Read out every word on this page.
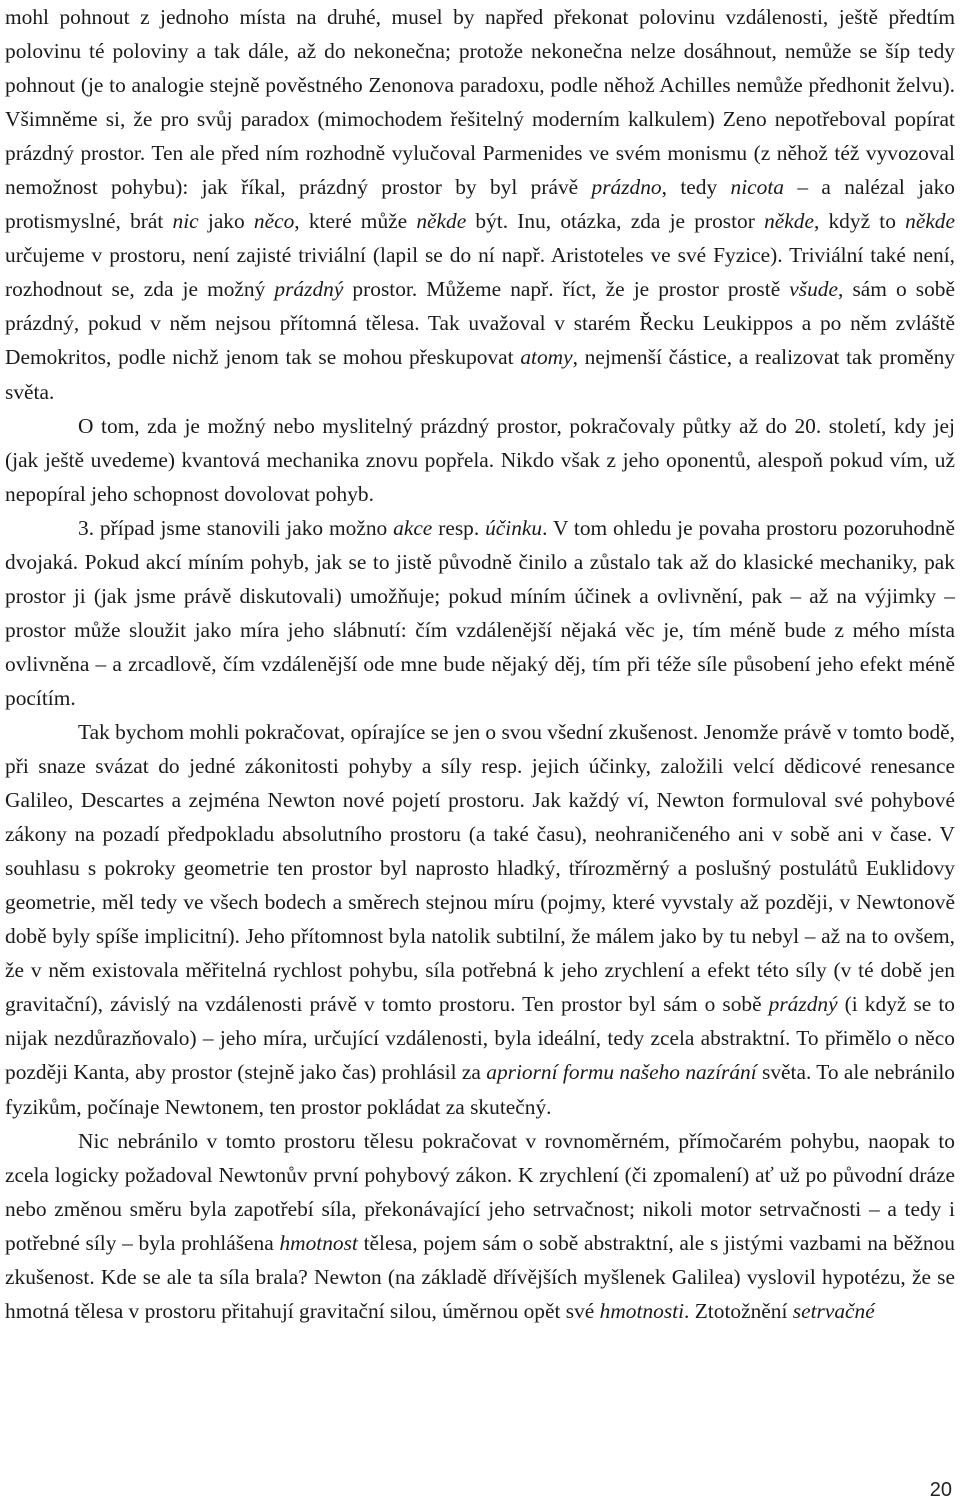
mohl pohnout z jednoho místa na druhé, musel by napřed překonat polovinu vzdálenosti, ještě předtím polovinu té poloviny a tak dále, až do nekonečna; protože nekonečna nelze dosáhnout, nemůže se šíp tedy pohnout (je to analogie stejně pověstného Zenonova paradoxu, podle něhož Achilles nemůže předhonit želvu). Všimněme si, že pro svůj paradox (mimochodem řešitelný moderním kalkulem) Zeno nepotřeboval popírat prázdný prostor. Ten ale před ním rozhodně vylučoval Parmenides ve svém monismu (z něhož též vyvozoval nemožnost pohybu): jak říkal, prázdný prostor by byl právě prázdno, tedy nicota – a nalézal jako protismyslné, brát nic jako něco, které může někde být. Inu, otázka, zda je prostor někde, když to někde určujeme v prostoru, není zajisté triviální (lapil se do ní např. Aristoteles ve své Fyzice). Triviální také není, rozhodnout se, zda je možný prázdný prostor. Můžeme např. říct, že je prostor prostě všude, sám o sobě prázdný, pokud v něm nejsou přítomná tělesa. Tak uvažoval v starém Řecku Leukippos a po něm zvláště Demokritos, podle nichž jenom tak se mohou přeskupovat atomy, nejmenší částice, a realizovat tak proměny světa.

O tom, zda je možný nebo myslitelný prázdný prostor, pokračovaly půtky až do 20. století, kdy jej (jak ještě uvedeme) kvantová mechanika znovu popřela. Nikdo však z jeho oponentů, alespoň pokud vím, už nepopíral jeho schopnost dovolovat pohyb.

3. případ jsme stanovili jako možno akce resp. účinku. V tom ohledu je povaha prostoru pozoruhodně dvojaká. Pokud akcí míním pohyb, jak se to jistě původně činilo a zůstalo tak až do klasické mechaniky, pak prostor ji (jak jsme právě diskutovali) umožňuje; pokud míním účinek a ovlivnění, pak – až na výjimky – prostor může sloužit jako míra jeho slábnutí: čím vzdálenější nějaká věc je, tím méně bude z mého místa ovlivněna – a zrcadlově, čím vzdálenější ode mne bude nějaký děj, tím při téže síle působení jeho efekt méně pocítím.

Tak bychom mohli pokračovat, opírajíce se jen o svou všední zkušenost. Jenomže právě v tomto bodě, při snaze svázat do jedné zákonitosti pohyby a síly resp. jejich účinky, založili velcí dědicové renesance Galileo, Descartes a zejména Newton nové pojetí prostoru. Jak každý ví, Newton formuloval své pohybové zákony na pozadí předpokladu absolutního prostoru (a také času), neohraničeného ani v sobě ani v čase. V souhlasu s pokroky geometrie ten prostor byl naprosto hladký, třírozměrný a poslušný postulátů Euklidovy geometrie, měl tedy ve všech bodech a směrech stejnou míru (pojmy, které vyvstaly až později, v Newtonově době byly spíše implicitní). Jeho přítomnost byla natolik subtilní, že málem jako by tu nebyl – až na to ovšem, že v něm existovala měřitelná rychlost pohybu, síla potřebná k jeho zrychlení a efekt této síly (v té době jen gravitační), závislý na vzdálenosti právě v tomto prostoru. Ten prostor byl sám o sobě prázdný (i když se to nijak nezdůrazňovalo) – jeho míra, určující vzdálenosti, byla ideální, tedy zcela abstraktní. To přimělo o něco později Kanta, aby prostor (stejně jako čas) prohlásil za apriorní formu našeho nazírání světa. To ale nebránilo fyzikům, počínaje Newtonem, ten prostor pokládat za skutečný.

Nic nebránilo v tomto prostoru tělesu pokračovat v rovnoměrném, přímočarém pohybu, naopak to zcela logicky požadoval Newtonův první pohybový zákon. K zrychlení (či zpomalení) ať už po původní dráze nebo změnou směru byla zapotřebí síla, překonávající jeho setrvačnost; nikoli motor setrvačnosti – a tedy i potřebné síly – byla prohlášena hmotnost tělesa, pojem sám o sobě abstraktní, ale s jistými vazbami na běžnou zkušenost. Kde se ale ta síla brala? Newton (na základě dřívějších myšlenek Galilea) vyslovil hypotézu, že se hmotná tělesa v prostoru přitahují gravitační silou, úměrnou opět své hmotnosti. Ztotožnění setrvačné

20
